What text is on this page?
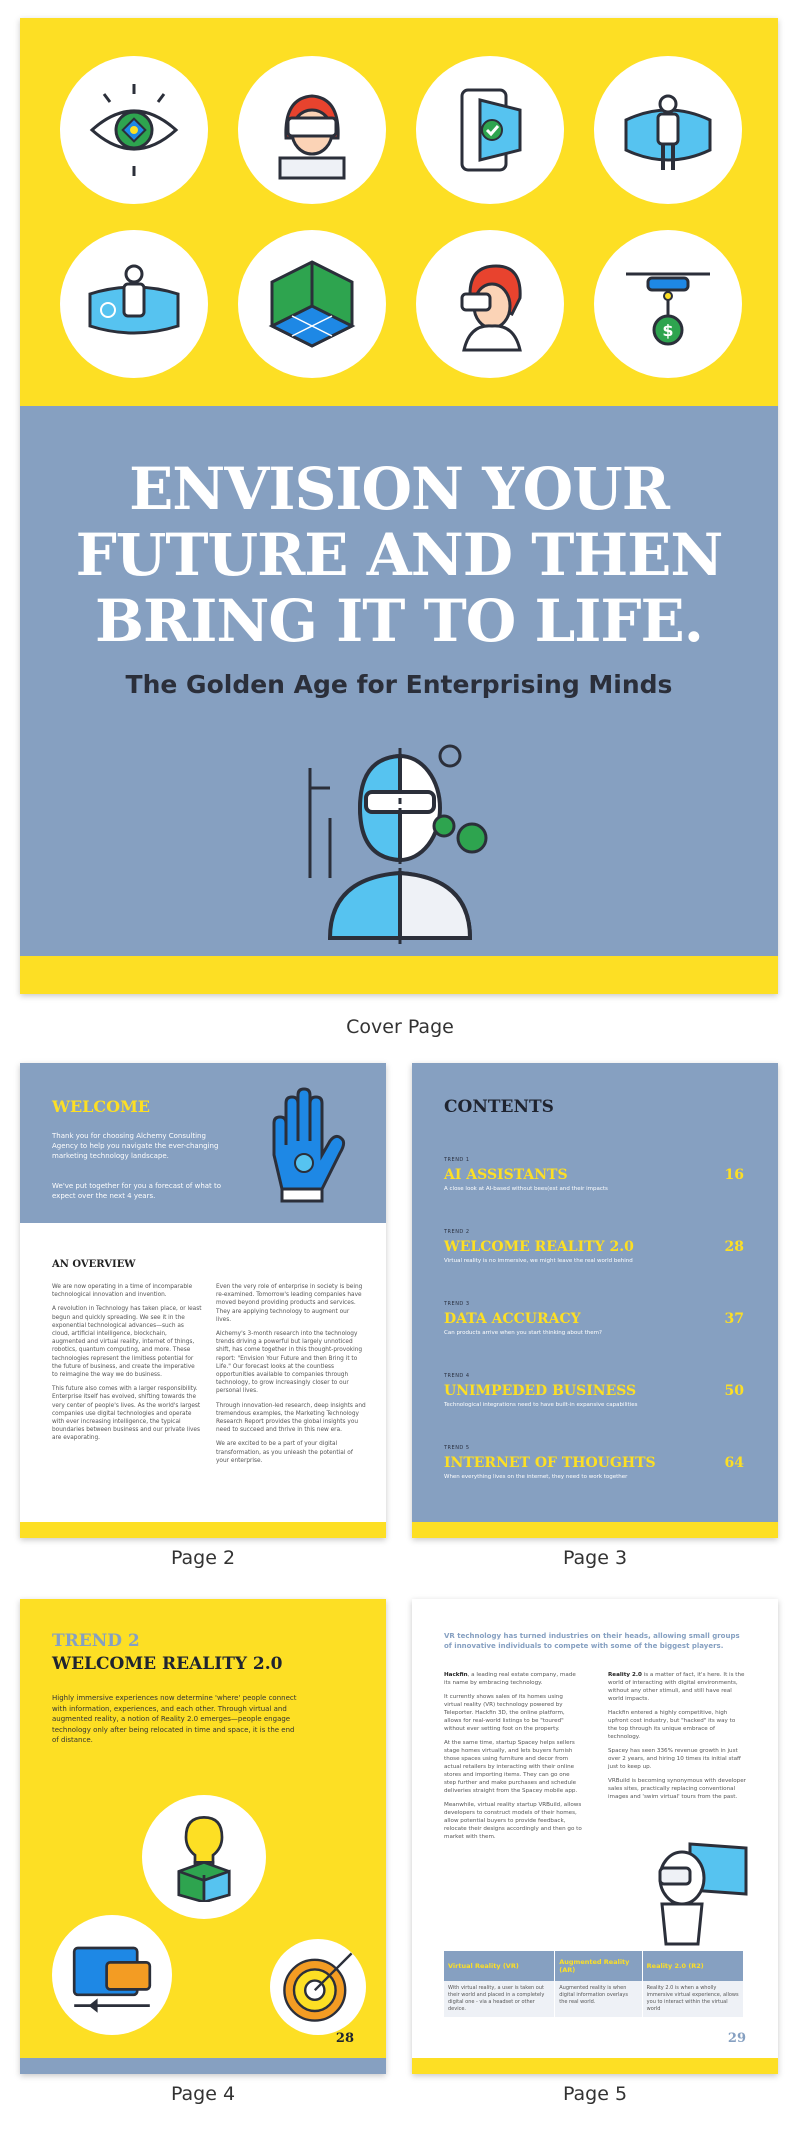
$
ENVISION YOUR
FUTURE AND THEN
BRING IT TO LIFE.
The Golden Age for Enterprising Minds
Cover Page
WELCOME
Thank you for choosing Alchemy Consulting Agency to help you navigate the ever-changing marketing technology landscape.
We've put together for you a forecast of what to expect over the next 4 years.
AN OVERVIEW

We are now operating in a time of incomparable technological innovation and invention.

A revolution in Technology has taken place, or least begun and quickly spreading. We see it in the exponential technological advances—such as cloud, artificial intelligence, blockchain, augmented and virtual reality, internet of things, robotics, quantum computing, and more. These technologies represent the limitless potential for the future of business, and create the imperative to reimagine the way we do business.

This future also comes with a larger responsibility. Enterprise itself has evolved, shifting towards the very center of people's lives. As the world's largest companies use digital technologies and operate with ever increasing intelligence, the typical boundaries between business and our private lives are evaporating.

Even the very role of enterprise in society is being re-examined. Tomorrow's leading companies have moved beyond providing products and services. They are applying technology to augment our lives.

Alchemy's 3-month research into the technology trends driving a powerful but largely unnoticed shift, has come together in this thought-provoking report: "Envision Your Future and then Bring it to Life." Our forecast looks at the countless opportunities available to companies through technology, to grow increasingly closer to our personal lives.

Through innovation-led research, deep insights and tremendous examples, the Marketing Technology Research Report provides the global insights you need to succeed and thrive in this new era.

We are excited to be a part of your digital transformation, as you unleash the potential of your enterprise.

Page 2
CONTENTS
TREND 1
AI ASSISTANTS	16
A close look at AI-based without bees(est and their impacts
TREND 2
WELCOME REALITY 2.0	28
Virtual reality is no immersive, we might leave the real world behind
TREND 3
DATA ACCURACY	37
Can products arrive when you start thinking about them?
TREND 4
UNIMPEDED BUSINESS	50
Technological integrations need to have built-in expansive capabilities
TREND 5
INTERNET OF THOUGHTS	64
When everything lives on the internet, they need to work together
Page 3
TREND 2
WELCOME REALITY 2.0
Highly immersive experiences now determine 'where' people connect with information, experiences, and each other. Through virtual and augmented reality, a notion of Reality 2.0 emerges—people engage technology only after being relocated in time and space, it is the end of distance.
28
Page 4
VR technology has turned industries on their heads, allowing small groups of innovative individuals to compete with some of the biggest players.

Hackfin, a leading real estate company, made its name by embracing technology.

It currently shows sales of its homes using virtual reality (VR) technology powered by Teleporter. Hackfin 3D, the online platform, allows for real-world listings to be "toured" without ever setting foot on the property.

At the same time, startup Spacey helps sellers stage homes virtually, and lets buyers furnish those spaces using furniture and decor from actual retailers by interacting with their online stores and importing items. They can go one step further and make purchases and schedule deliveries straight from the Spacey mobile app.

Meanwhile, virtual reality startup VRBuild, allows developers to construct models of their homes, allow potential buyers to provide feedback, relocate their designs accordingly and then go to market with them.

Reality 2.0 is a matter of fact, it's here. It is the world of interacting with digital environments, without any other stimuli, and still have real world impacts.

Hackfin entered a highly competitive, high upfront cost industry, but "hacked" its way to the top through its unique embrace of technology.

Spacey has seen 336% revenue growth in just over 2 years, and hiring 10 times its initial staff just to keep up.

VRBuild is becoming synonymous with developer sales sites, practically replacing conventional images and 'swim virtual' tours from the past.

Virtual Reality (VR)	Augmented Reality (AR)	Reality 2.0 (R2)
With virtual reality, a user is taken out their world and placed in a completely digital one - via a headset or other device.	Augmented reality is when digital information overlays the real world.	Reality 2.0 is when a wholly immersive virtual experience, allows you to interact within the virtual world
29
Page 5
